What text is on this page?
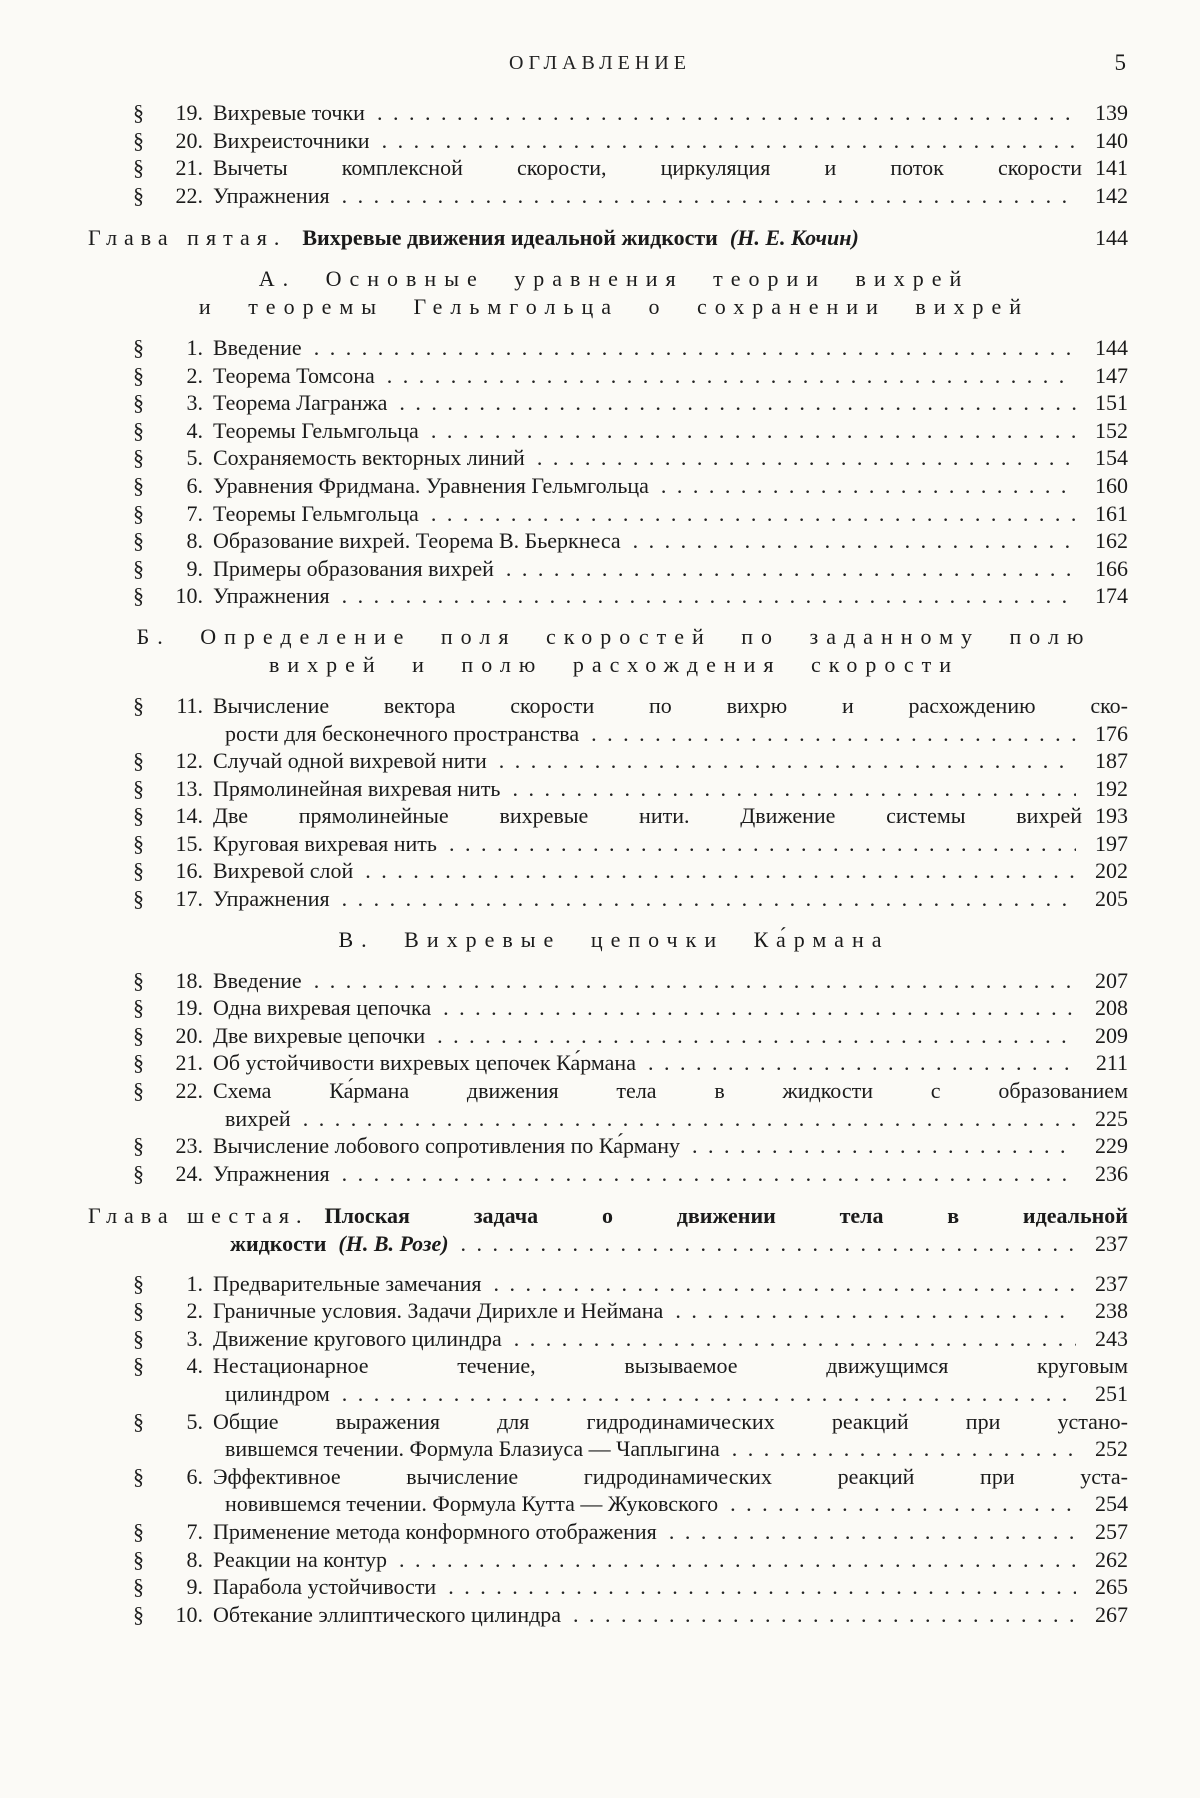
ОГЛАВЛЕНИЕ	5
§	19. Вихревые точки . . .	139
§	20. Вихреисточники . . .	140
§	21. Вычеты комплексной скорости, циркуляция и поток скорости 141
§	22. Упражнения . . .	142
Глава пятая. Вихревые движения идеальной жидкости (Н. Е. Кочин)	144
А. Основные уравнения теории вихрей
и теоремы Гельмгольца о сохранении вихрей
§	1. Введение . . .	144
§	2. Теорема Томсона . . .	147
§	3. Теорема Лагранжа . . .	151
§	4. Теоремы Гельмгольца . . .	152
§	5. Сохраняемость векторных линий . . .	154
§	6. Уравнения Фридмана. Уравнения Гельмгольца . . .	160
§	7. Теоремы Гельмгольца . . .	161
§	8. Образование вихрей. Теорема В. Бьеркнеса . . .	162
§	9. Примеры образования вихрей . . .	166
§	10. Упражнения . . .	174
Б. Определение поля скоростей по заданному полю
вихрей и полю расхождения скорости
§	11. Вычисление вектора скорости по вихрю и расхождению ско-
рости для бесконечного пространства . . .	176
§	12. Случай одной вихревой нити . . .	187
§	13. Прямолинейная вихревая нить . . .	192
§	14. Две прямолинейные вихревые нити. Движение системы вихрей 193
§	15. Круговая вихревая нить . . .	197
§	16. Вихревой слой . . .	202
§	17. Упражнения . . .	205
В. Вихревые цепочки Ка́рмана
§	18. Введение . . .	207
§	19. Одна вихревая цепочка . . .	208
§	20. Две вихревые цепочки . . .	209
§	21. Об устойчивости вихревых цепочек Ка́рмана . . .	211
§	22. Схема Ка́рмана движения тела в жидкости с образованием
вихрей . . .	225
§	23. Вычисление лобового сопротивления по Ка́рману . . .	229
§	24. Упражнения . . .	236
Глава шестая. Плоская задача о движении тела в идеальной
жидкости (Н. В. Розе) . . .	237
§	1. Предварительные замечания . . .	237
§	2. Граничные условия. Задачи Дирихле и Неймана . . .	238
§	3. Движение кругового цилиндра . . .	243
§	4. Нестационарное течение, вызываемое движущимся круговым
цилиндром . . .	251
§	5. Общие выражения для гидродинамических реакций при устано-
вившемся течении. Формула Блазиуса — Чаплыгина . . .	252
§	6. Эффективное вычисление гидродинамических реакций при уста-
новившемся течении. Формула Кутта — Жуковского . . .	254
§	7. Применение метода конформного отображения . . .	257
§	8. Реакции на контур . . .	262
§	9. Парабола устойчивости . . .	265
§	10. Обтекание эллиптического цилиндра . . .	267
